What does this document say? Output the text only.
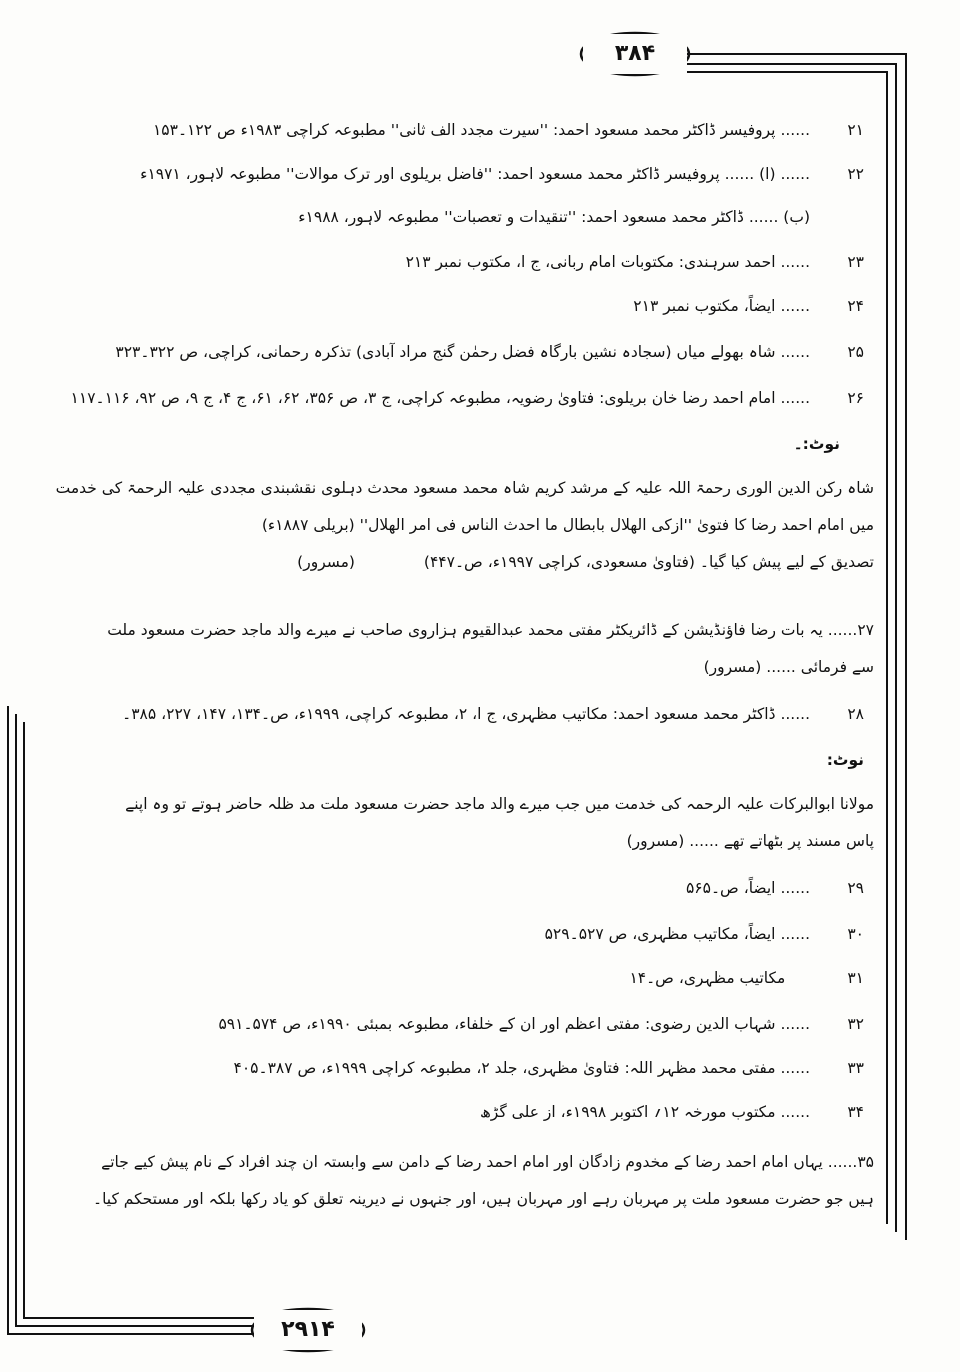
۳۸۴
۲۹۱۴
۲۱...... پروفیسر ڈاکٹر محمد مسعود احمد: ''سیرت مجدد الف ثانی'' مطبوعہ کراچی ۱۹۸۳ء ص ۱۲۲۔۱۵۳
۲۲...... (ا) ...... پروفیسر ڈاکٹر محمد مسعود احمد: ''فاضل بریلوی اور ترک موالات'' مطبوعہ لاہور، ۱۹۷۱ء
(ب) ...... ڈاکٹر محمد مسعود احمد: ''تنقیدات و تعصبات'' مطبوعہ لاہور، ۱۹۸۸ء
۲۳...... احمد سرہندی: مکتوبات امام ربانی، ج ا، مکتوب نمبر ۲۱۳
۲۴...... ایضاً، مکتوب نمبر ۲۱۳
۲۵...... شاہ بھولے میاں (سجادہ نشین بارگاہ فضل رحمٰن گنج مراد آبادی) تذکرہ رحمانی، کراچی، ص ۳۲۲۔۳۲۳
۲۶...... امام احمد رضا خان بریلوی: فتاویٰ رضویہ، مطبوعہ کراچی، ج ۳، ص ۳۵۶، ۶۲، ۶۱، ج ۴، ج ۹، ص ۹۲، ۱۱۶۔۱۱۷
نوٹ:۔

شاہ رکن الدین الوری رحمۃ اللہ علیہ کے مرشد کریم شاہ محمد مسعود محدث دہلوی نقشبندی مجددی علیہ الرحمۃ کی خدمت

میں امام احمد رضا کا فتویٰ ''ازکی الھلال بابطال ما احدث الناس فی امر الھلال'' (بریلی ۱۸۸۷ء)

تصدیق کے لیے پیش کیا گیا۔ (فتاویٰ مسعودی، کراچی ۱۹۹۷ء، ص۔۴۴۷)              (مسرور)

۲۷...... یہ بات رضا فاؤنڈیشن کے ڈائریکٹر مفتی محمد عبدالقیوم ہزاروی صاحب نے میرے والد ماجد حضرت مسعود ملت

سے فرمائی ...... (مسرور)

۲۸...... ڈاکٹر محمد مسعود احمد: مکاتیب مظہری، ج ا، ۲، مطبوعہ کراچی، ۱۹۹۹ء، ص۔۱۳۴، ۱۴۷، ۲۲۷، ۳۸۵۔
نوٹ:

مولانا ابوالبرکات علیہ الرحمہ کی خدمت میں جب میرے والد ماجد حضرت مسعود ملت مد ظلہ حاضر ہوتے تو وہ اپنے

پاس مسند پر بٹھاتے تھے ...... (مسرور)

۲۹...... ایضاً، ص۔۵۶۵
۳۰...... ایضاً، مکاتیب مظہری، ص ۵۲۷۔۵۲۹
۳۱     مکاتیب مظہری، ص۔۱۴
۳۲...... شہاب الدین رضوی: مفتی اعظم اور ان کے خلفاء، مطبوعہ بمبئی ۱۹۹۰ء، ص ۵۷۴۔۵۹۱
۳۳...... مفتی محمد مظہر اللہ: فتاویٰ مظہری، جلد ۲، مطبوعہ کراچی ۱۹۹۹ء، ص ۳۸۷۔۴۰۵
۳۴...... مکتوب مورخہ ۱۲؍ اکتوبر ۱۹۹۸ء، از علی گڑھ

۳۵...... یہاں امام احمد رضا کے مخدوم زادگان اور امام احمد رضا کے دامن سے وابستہ ان چند افراد کے نام پیش کیے جاتے

ہیں جو حضرت مسعود ملت پر مہربان رہے اور مہربان ہیں، اور جنہوں نے دیرینہ تعلق کو یاد رکھا بلکہ اور مستحکم کیا۔
